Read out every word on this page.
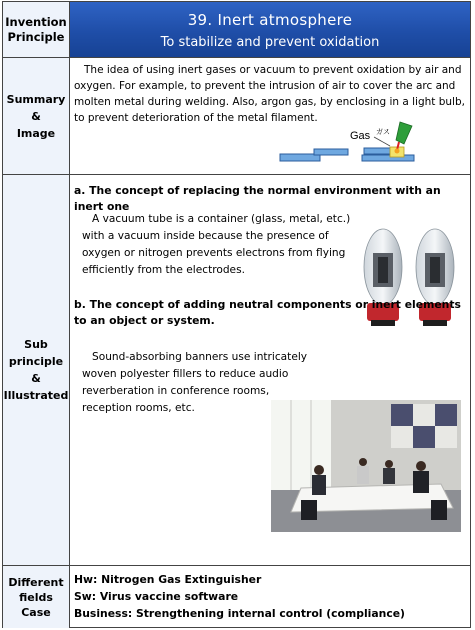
Invention
Principle
39. Inert atmosphere
To stabilize and prevent oxidation
Summary
&
Image
The idea of using inert gases or vacuum to prevent oxidation by air and oxygen. For example, to prevent the intrusion of air to cover the arc and molten metal during welding. Also, argon gas, by enclosing in a light bulb, to prevent deterioration of the metal filament.
Gas ガス
Sub
principle
&
Illustrated
a. The concept of replacing the normal environment with an inert one
A vacuum tube is a container (glass, metal, etc.) with a vacuum inside because the presence of oxygen or nitrogen prevents electrons from flying efficiently from the electrodes.
b. The concept of adding neutral components or inert elements to an object or system.
Sound-absorbing banners use intricately woven polyester fillers to reduce audio reverberation in conference rooms, reception rooms, etc.
Different
fields
Case
Hw: Nitrogen Gas Extinguisher
Sw: Virus vaccine software
Business: Strengthening internal control (compliance)
